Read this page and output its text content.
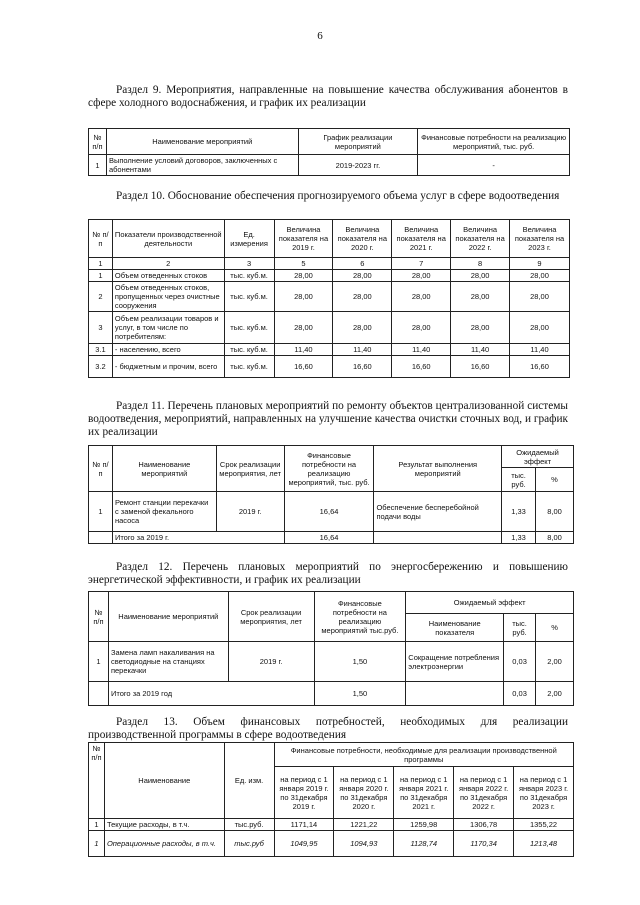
6
Раздел 9. Мероприятия, направленные на повышение качества обслуживания абонентов в сфере холодного водоснабжения, и график их реализации
№ п/п	Наименование мероприятий	График реализации мероприятий	Финансовые потребности на реализацию мероприятий, тыс. руб.
1	Выполнение условий договоров, заключенных с абонентами	2019-2023 гг.	-
Раздел 10. Обоснование обеспечения прогнозируемого объема услуг в сфере водоотведения
№ п/п	Показатели производственной деятельности	Ед. измерения	Величина показателя на 2019 г.	Величина показателя на 2020 г.	Величина показателя на 2021 г.	Величина показателя на 2022 г.	Величина показателя на 2023 г.
1	2	3	5	6	7	8	9
1	Объем отведенных стоков	тыс. куб.м.	28,00	28,00	28,00	28,00	28,00
2	Объем отведенных стоков, пропущенных через очистные сооружения	тыс. куб.м.	28,00	28,00	28,00	28,00	28,00
3	Объем реализации товаров и услуг, в том числе по потребителям:	тыс. куб.м.	28,00	28,00	28,00	28,00	28,00
3.1	- населению, всего	тыс. куб.м.	11,40	11,40	11,40	11,40	11,40
3.2	- бюджетным и прочим, всего	тыс. куб.м.	16,60	16,60	16,60	16,60	16,60
Раздел 11. Перечень плановых мероприятий по ремонту объектов централизованной системы водоотведения, мероприятий, направленных на улучшение качества очистки сточных вод, и график их реализации
№ п/п	Наименование мероприятий	Срок реализации мероприятия, лет	Финансовые потребности на реализацию мероприятий, тыс. руб.	Результат выполнения мероприятий	Ожидаемый эффект	
					тыс. руб.	%
1	Ремонт станции перекачки с заменой фекального насоса	2019 г.	16,64	Обеспечение бесперебойной подачи воды	1,33	8,00
	Итого за 2019 г.		16,64		1,33	8,00
Раздел 12. Перечень плановых мероприятий по энергосбережению и повышению энергетической эффективности, и график их реализации
№ п/п	Наименование мероприятий	Срок реализации мероприятия, лет	Финансовые потребности на реализацию мероприятий тыс.руб.	Ожидаемый эффект		
				Наименование показателя	тыс. руб.	%
1	Замена ламп накаливания на светодиодные на станциях перекачки	2019 г.	1,50	Сокращение потребления электроэнергии	0,03	2,00
	Итого за 2019 год		1,50		0,03	2,00
Раздел 13. Объем финансовых потребностей, необходимых для реализации производственной программы в сфере водоотведения
№ п/п	Наименование	Ед. изм.	Финансовые потребности, необходимые для реализации производственной программы				
			на период с 1 января 2019 г. по 31декабря 2019 г.	на период с 1 января 2020 г. по 31декабря 2020 г.	на период с 1 января 2021 г. по 31декабря 2021 г.	на период с 1 января 2022 г. по 31декабря 2022 г.	на период с 1 января 2023 г. по 31декабря 2023 г.
1	Текущие расходы, в т.ч.	тыс.руб.	1171,14	1221,22	1259,98	1306,78	1355,22
1	Операционные расходы, в т.ч.	тыс.руб	1049,95	1094,93	1128,74	1170,34	1213,48
